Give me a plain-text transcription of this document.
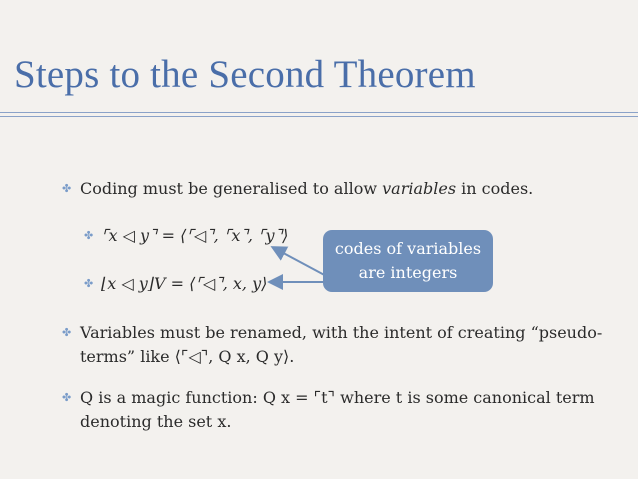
Steps to the Second Theorem
✤ Coding must be generalised to allow variables in codes.
✤ ⌜x ◁ y⌝ = ⟨⌜◁⌝, ⌜x⌝, ⌜y⌝⟩
✤ ⌊x ◁ y⌋V = ⟨⌜◁⌝, x, y⟩
✤ Variables must be renamed, with the intent of creating “pseudo-
terms” like ⟨⌜◁⌝, Q x, Q y⟩.
✤ Q is a magic function: Q x = ⌜t⌝ where t is some canonical term
denoting the set x.
codes of variables
are integers
